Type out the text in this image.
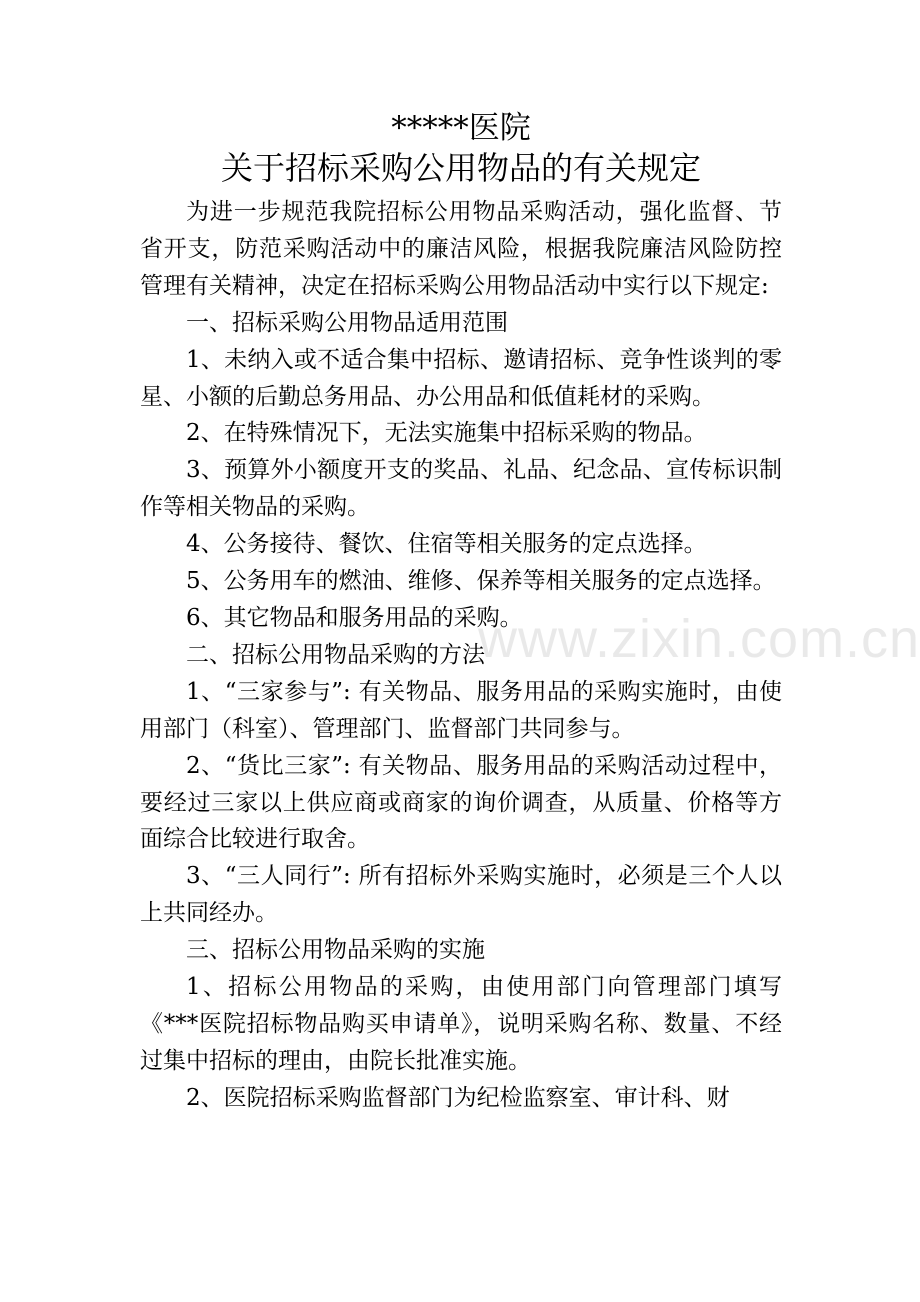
*****医院
关于招标采购公用物品的有关规定

为进一步规范我院招标公用物品采购活动，强化监督、节省开支，防范采购活动中的廉洁风险，根据我院廉洁风险防控管理有关精神，决定在招标采购公用物品活动中实行以下规定:

一、招标采购公用物品适用范围

1、未纳入或不适合集中招标、邀请招标、竞争性谈判的零星、小额的后勤总务用品、办公用品和低值耗材的采购。

2、在特殊情况下，无法实施集中招标采购的物品。

3、预算外小额度开支的奖品、礼品、纪念品、宣传标识制作等相关物品的采购。

4、公务接待、餐饮、住宿等相关服务的定点选择。

5、公务用车的燃油、维修、保养等相关服务的定点选择。

6、其它物品和服务用品的采购。

二、招标公用物品采购的方法

1、“三家参与”: 有关物品、服务用品的采购实施时，由使用部门（科室）、管理部门、监督部门共同参与。

2、“货比三家”: 有关物品、服务用品的采购活动过程中，要经过三家以上供应商或商家的询价调查，从质量、价格等方面综合比较进行取舍。

3、“三人同行”: 所有招标外采购实施时，必须是三个人以上共同经办。

三、招标公用物品采购的实施

1、招标公用物品的采购，由使用部门向管理部门填写《***医院招标物品购买申请单》，说明采购名称、数量、不经过集中招标的理由，由院长批准实施。

2、医院招标采购监督部门为纪检监察室、审计科、财

www.zixin.com.cn
